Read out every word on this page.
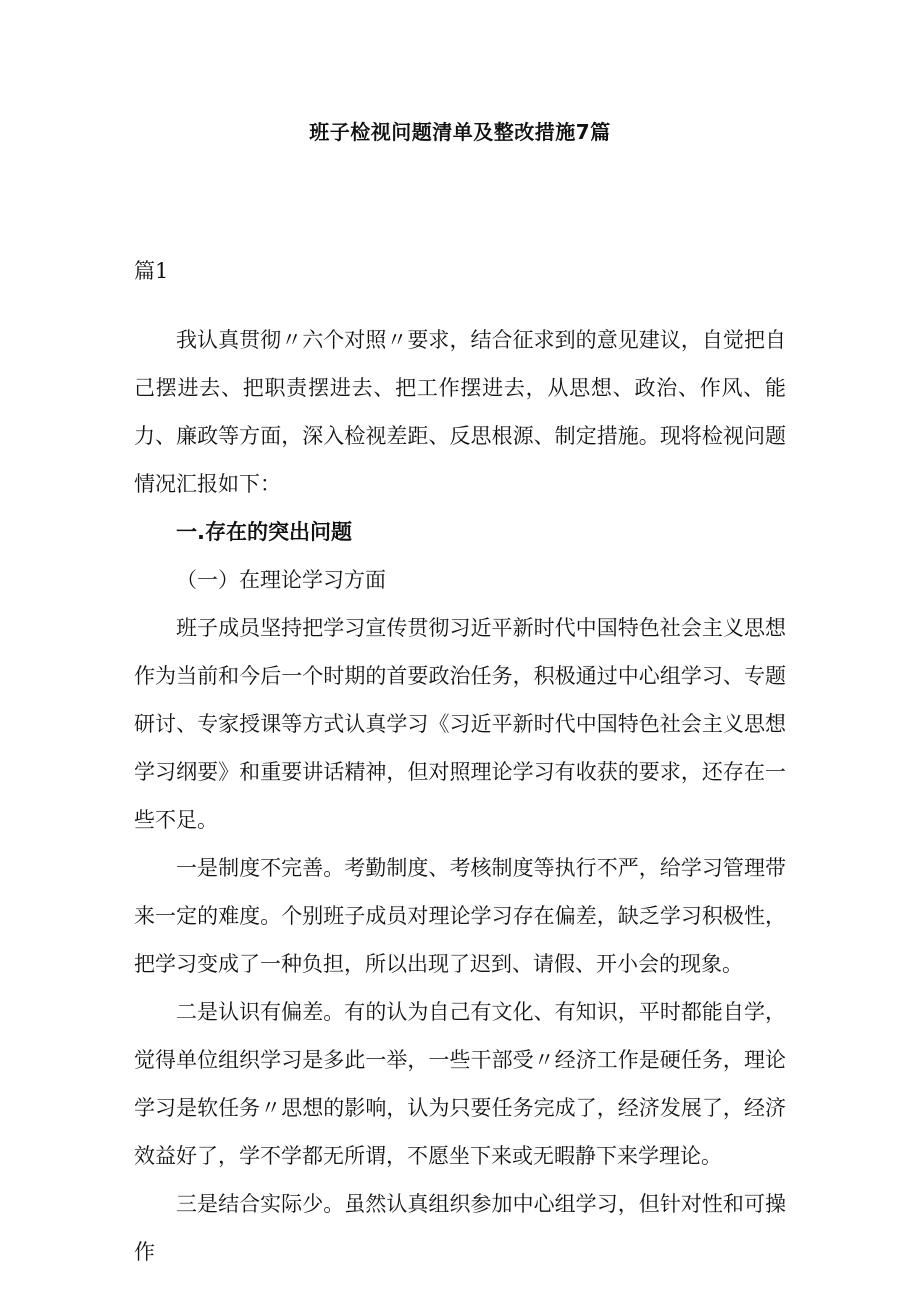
班子检视问题清单及整改措施7篇
篇1

我认真贯彻〃六个对照〃要求，结合征求到的意见建议，自觉把自己摆进去、把职责摆进去、把工作摆进去，从思想、政治、作风、能力、廉政等方面，深入检视差距、反思根源、制定措施。现将检视问题情况汇报如下：

一.存在的突出问题

（一）在理论学习方面

班子成员坚持把学习宣传贯彻习近平新时代中国特色社会主义思想作为当前和今后一个时期的首要政治任务，积极通过中心组学习、专题研讨、专家授课等方式认真学习《习近平新时代中国特色社会主义思想学习纲要》和重要讲话精神，但对照理论学习有收获的要求，还存在一些不足。

一是制度不完善。考勤制度、考核制度等执行不严，给学习管理带来一定的难度。个别班子成员对理论学习存在偏差，缺乏学习积极性，把学习变成了一种负担，所以出现了迟到、请假、开小会的现象。

二是认识有偏差。有的认为自己有文化、有知识，平时都能自学，觉得单位组织学习是多此一举，一些干部受〃经济工作是硬任务，理论学习是软任务〃思想的影响，认为只要任务完成了，经济发展了，经济效益好了，学不学都无所谓，不愿坐下来或无暇静下来学理论。

三是结合实际少。虽然认真组织参加中心组学习，但针对性和可操作
